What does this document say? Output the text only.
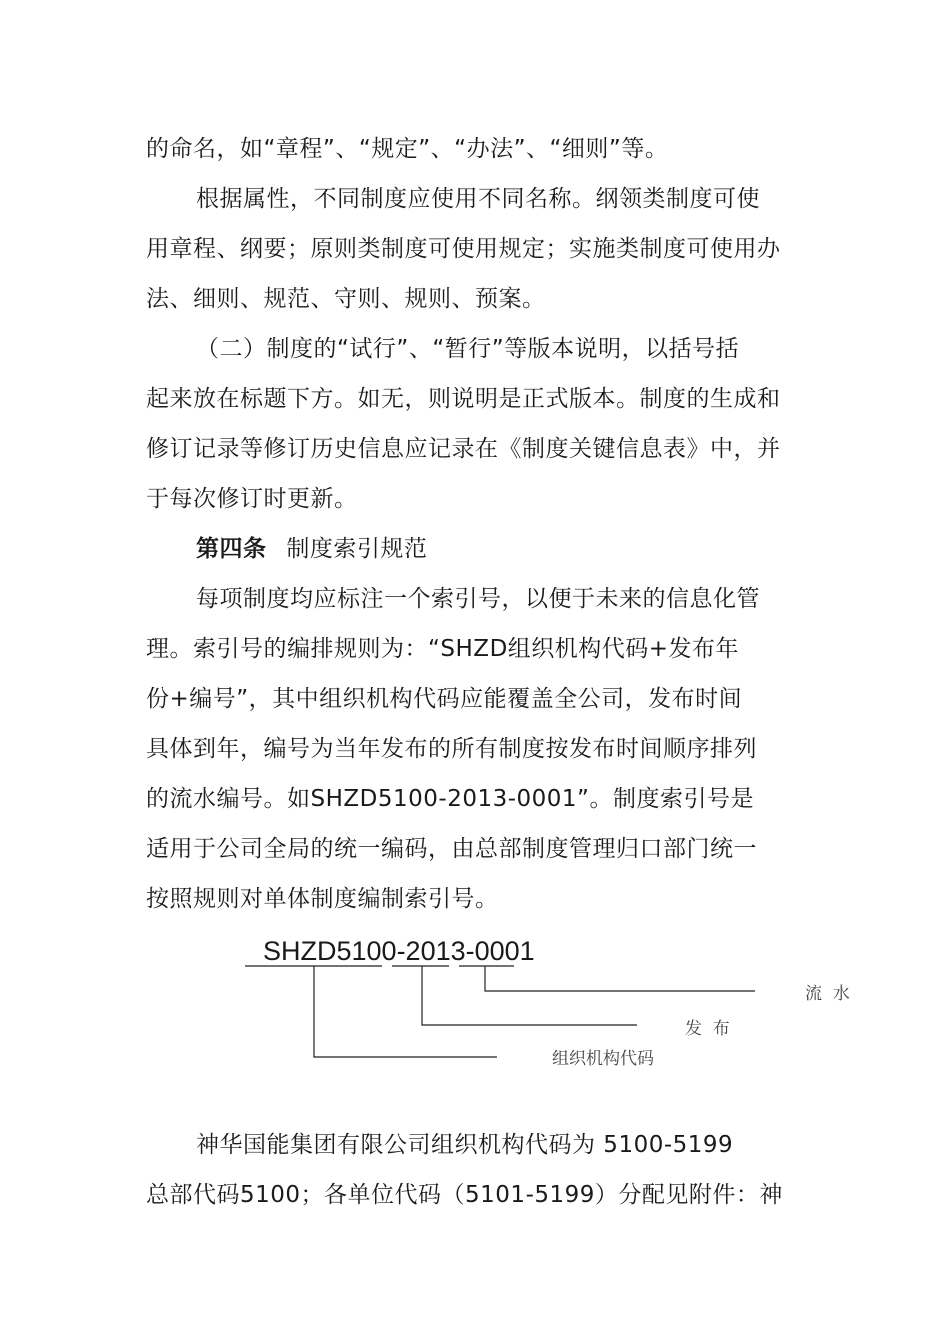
的命名，如“章程”、“规定”、“办法”、“细则”等。
根据属性，不同制度应使用不同名称。纲领类制度可使
用章程、纲要；原则类制度可使用规定；实施类制度可使用办
法、细则、规范、守则、规则、预案。
（二）制度的“试行”、“暂行”等版本说明，以括号括
起来放在标题下方。如无，则说明是正式版本。制度的生成和
修订记录等修订历史信息应记录在《制度关键信息表》中，并
于每次修订时更新。
第四条 制度索引规范
每项制度均应标注一个索引号，以便于未来的信息化管
理。索引号的编排规则为：“SHZD组织机构代码+发布年
份+编号”，其中组织机构代码应能覆盖全公司，发布时间
具体到年，编号为当年发布的所有制度按发布时间顺序排列
的流水编号。如SHZD5100-2013-0001”。制度索引号是
适用于公司全局的统一编码，由总部制度管理归口部门统一
按照规则对单体制度编制索引号。
SHZD5100-2013-0001
流  水
发  布
组织机构代码
神华国能集团有限公司组织机构代码为 5100-5199
总部代码5100；各单位代码（5101-5199）分配见附件：神
